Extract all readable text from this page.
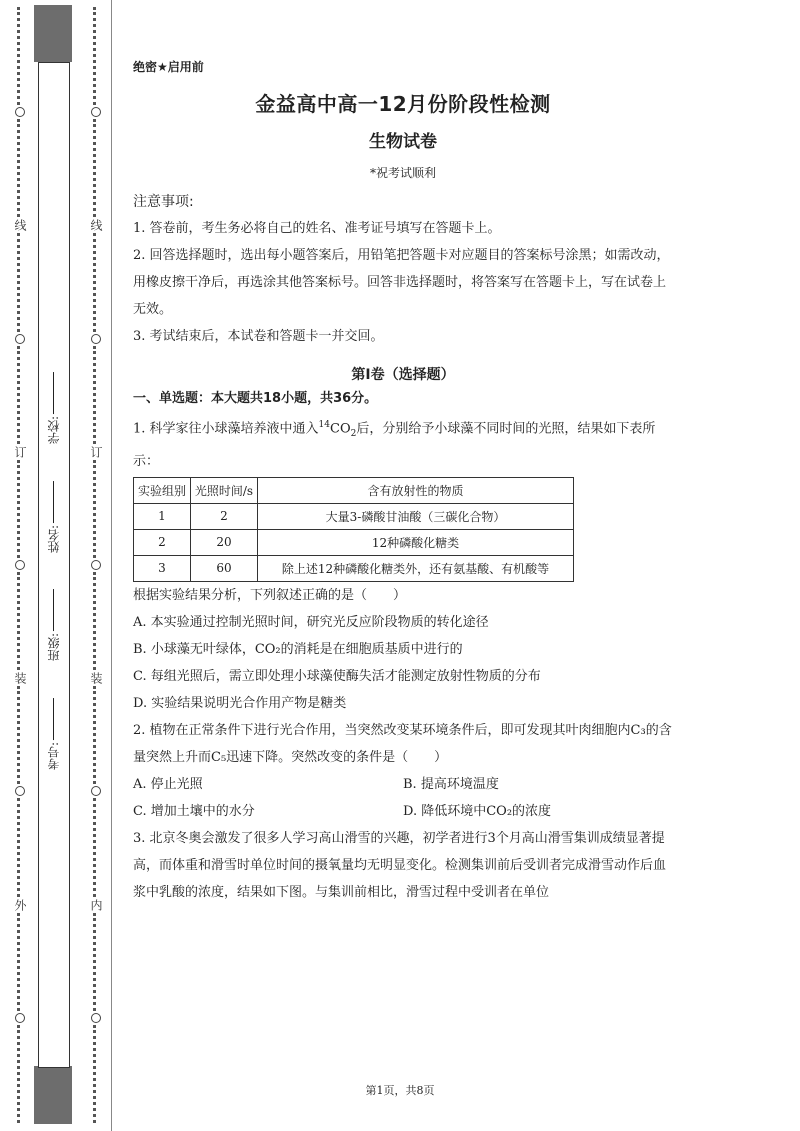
线
订
装
外
学校:
姓名:
班级:
考号:
线
订
装
内
绝密★启用前
金益高中高一12月份阶段性检测
生物试卷
*祝考试顺利
注意事项:

1. 答卷前，考生务必将自己的姓名、准考证号填写在答题卡上。

2. 回答选择题时，选出每小题答案后，用铅笔把答题卡对应题目的答案标号涂黑；如需改动，用橡皮擦干净后，再选涂其他答案标号。回答非选择题时，将答案写在答题卡上，写在试卷上无效。

3. 考试结束后，本试卷和答题卡一并交回。

第I卷（选择题）
一、单选题：本大题共18小题，共36分。

1. 科学家往小球藻培养液中通入$^{14}CO_2$后，分别给予小球藻不同时间的光照，结果如下表所示：

实验组别	光照时间/s	含有放射性的物质
1	2	大量3-磷酸甘油酸（三碳化合物）
2	20	12种磷酸化糖类
3	60	除上述12种磷酸化糖类外，还有氨基酸、有机酸等

根据实验结果分析，下列叙述正确的是（　　）

A. 本实验通过控制光照时间，研究光反应阶段物质的转化途径

B. 小球藻无叶绿体，CO₂的消耗是在细胞质基质中进行的

C. 每组光照后，需立即处理小球藻使酶失活才能测定放射性物质的分布

D. 实验结果说明光合作用产物是糖类

2. 植物在正常条件下进行光合作用，当突然改变某环境条件后，即可发现其叶肉细胞内C₃的含量突然上升而C₅迅速下降。突然改变的条件是（　　）

A. 停止光照	B. 提高环境温度

C. 增加土壤中的水分	D. 降低环境中CO₂的浓度

3. 北京冬奥会激发了很多人学习高山滑雪的兴趣，初学者进行3个月高山滑雪集训成绩显著提高，而体重和滑雪时单位时间的摄氧量均无明显变化。检测集训前后受训者完成滑雪动作后血浆中乳酸的浓度，结果如下图。与集训前相比，滑雪过程中受训者在单位

第1页，共8页
